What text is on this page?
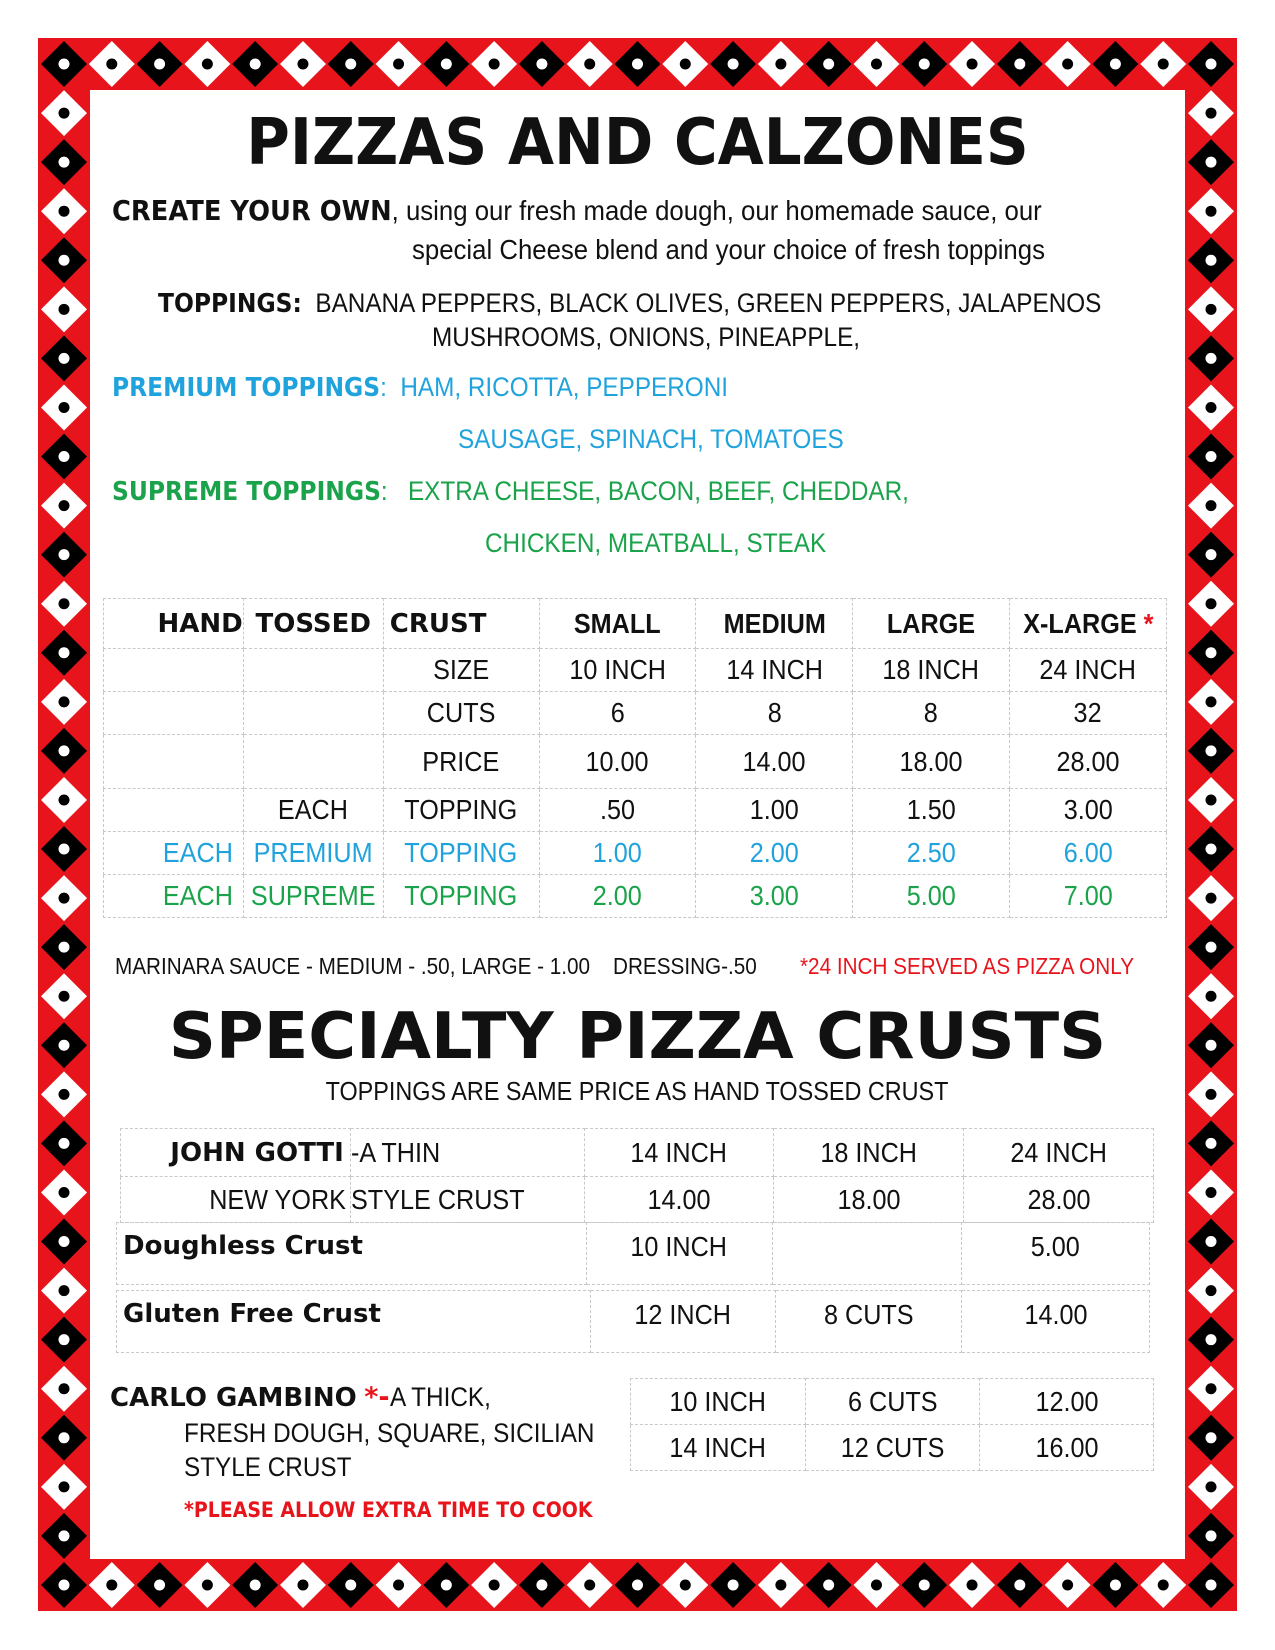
PIZZAS AND CALZONES
CREATE YOUR OWN, using our fresh made dough, our homemade sauce, our
special Cheese blend and your choice of fresh toppings
TOPPINGS: BANANA PEPPERS, BLACK OLIVES, GREEN PEPPERS, JALAPENOS
MUSHROOMS, ONIONS, PINEAPPLE,
PREMIUM TOPPINGS: HAM, RICOTTA, PEPPERONI
SAUSAGE, SPINACH, TOMATOES
SUPREME TOPPINGS: EXTRA CHEESE, BACON, BEEF, CHEDDAR,
CHICKEN, MEATBALL, STEAK
HAND	TOSSED	CRUST	SMALL	MEDIUM	LARGE	X-LARGE *
		SIZE	10 INCH	14 INCH	18 INCH	24 INCH
		CUTS	6	8	8	32
		PRICE	10.00	14.00	18.00	28.00
	EACH	TOPPING	.50	1.00	1.50	3.00
EACH	PREMIUM	TOPPING	1.00	2.00	2.50	6.00
EACH	SUPREME	TOPPING	2.00	3.00	5.00	7.00
MARINARA SAUCE - MEDIUM - .50, LARGE - 1.00 DRESSING-.50 *24 INCH SERVED AS PIZZA ONLY
SPECIALTY PIZZA CRUSTS
TOPPINGS ARE SAME PRICE AS HAND TOSSED CRUST
JOHN GOTTI	-A THIN	14 INCH	18 INCH	24 INCH
NEW YORK	STYLE CRUST	14.00	18.00	28.00
Doughless Crust	10 INCH		5.00
Gluten Free Crust	12 INCH	8 CUTS	14.00
CARLO GAMBINO *-A THICK,
FRESH DOUGH, SQUARE, SICILIAN
STYLE CRUST
10 INCH	6 CUTS	12.00
14 INCH	12 CUTS	16.00
*PLEASE ALLOW EXTRA TIME TO COOK
